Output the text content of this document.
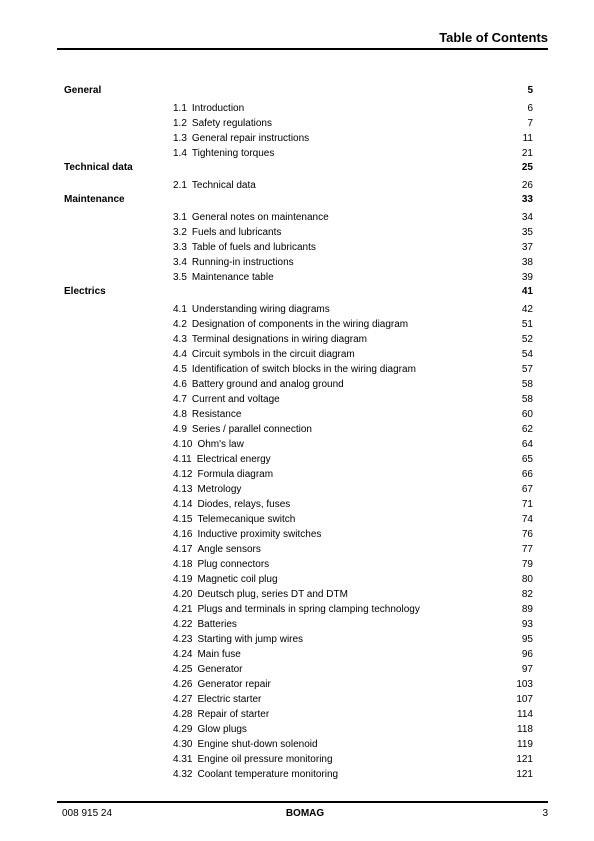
Table of Contents
General	5
1.1 Introduction	6
1.2 Safety regulations	7
1.3 General repair instructions	11
1.4 Tightening torques	21
Technical data	25
2.1 Technical data	26
Maintenance	33
3.1 General notes on maintenance	34
3.2 Fuels and lubricants	35
3.3 Table of fuels and lubricants	37
3.4 Running-in instructions	38
3.5 Maintenance table	39
Electrics	41
4.1 Understanding wiring diagrams	42
4.2 Designation of components in the wiring diagram	51
4.3 Terminal designations in wiring diagram	52
4.4 Circuit symbols in the circuit diagram	54
4.5 Identification of switch blocks in the wiring diagram	57
4.6 Battery ground and analog ground	58
4.7 Current and voltage	58
4.8 Resistance	60
4.9 Series / parallel connection	62
4.10 Ohm's law	64
4.11 Electrical energy	65
4.12 Formula diagram	66
4.13 Metrology	67
4.14 Diodes, relays, fuses	71
4.15 Telemecanique switch	74
4.16 Inductive proximity switches	76
4.17 Angle sensors	77
4.18 Plug connectors	79
4.19 Magnetic coil plug	80
4.20 Deutsch plug, series DT and DTM	82
4.21 Plugs and terminals in spring clamping technology	89
4.22 Batteries	93
4.23 Starting with jump wires	95
4.24 Main fuse	96
4.25 Generator	97
4.26 Generator repair	103
4.27 Electric starter	107
4.28 Repair of starter	114
4.29 Glow plugs	118
4.30 Engine shut-down solenoid	119
4.31 Engine oil pressure monitoring	121
4.32 Coolant temperature monitoring	121
008 915 24	BOMAG	3
